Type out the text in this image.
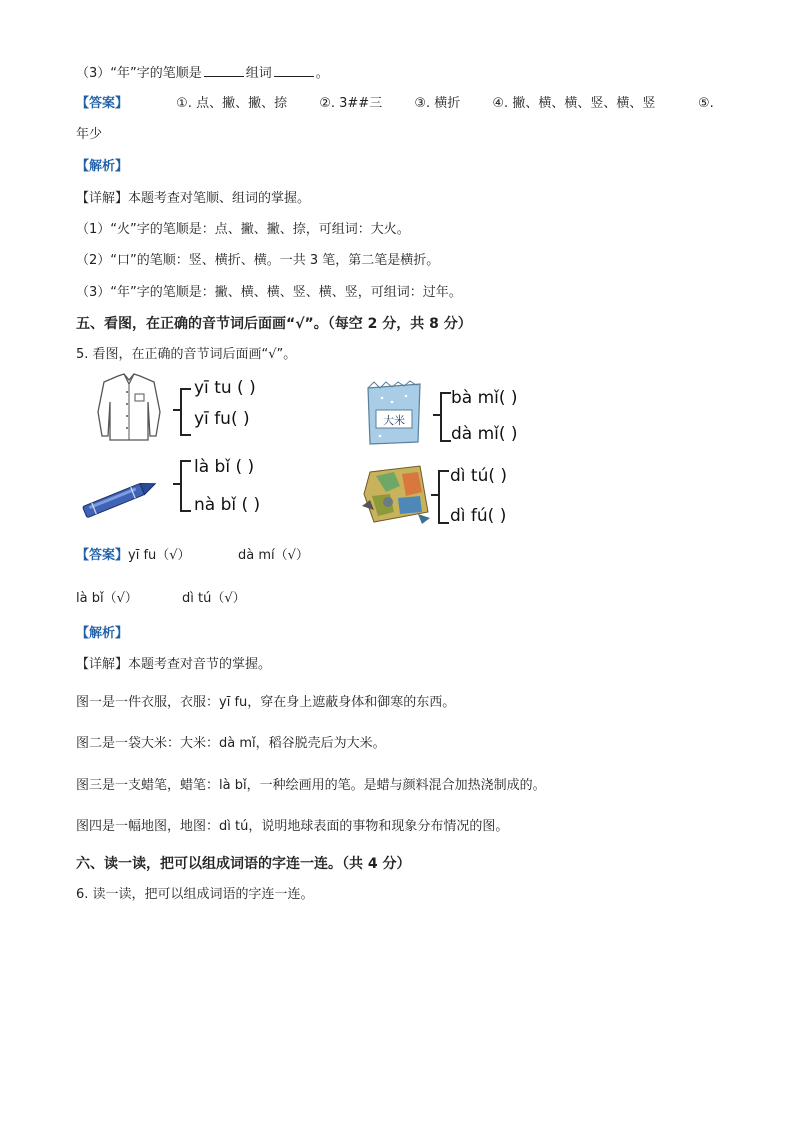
（3）“年”字的笔顺是	组词	。
【答案】	①. 点、撇、撇、捺 ②. 3##三 ③. 横折 ④. 撇、横、横、竖、横、竖	⑤.
年少
【解析】
【详解】本题考查对笔顺、组词的掌握。
（1）“火”字的笔顺是：点、撇、撇、捺，可组词：大火。
（2）“口”的笔顺：竖、横折、横。一共 3 笔，第二笔是横折。
（3）“年”字的笔顺是：撇、横、横、竖、横、竖，可组词：过年。
五、看图，在正确的音节词后面画“√”。（每空 2 分，共 8 分）
5. 看图，在正确的音节词后面画“√”。
yī tu ( )
yī fu( )	大米
bà mǐ( )
dà mǐ( )
là bǐ ( )
nà bǐ ( )
dì tú( )
dì fú( )
【答案】yī fu（√）	dà mí（√）
là bǐ（√）	dì tú（√）
【解析】
【详解】本题考查对音节的掌握。
图一是一件衣服，衣服：yī fu，穿在身上遮蔽身体和御寒的东西。
图二是一袋大米：大米：dà mǐ，稻谷脱壳后为大米。
图三是一支蜡笔，蜡笔：là bǐ，一种绘画用的笔。是蜡与颜料混合加热浇制成的。
图四是一幅地图，地图：dì tú，说明地球表面的事物和现象分布情况的图。
六、读一读，把可以组成词语的字连一连。（共 4 分）
6. 读一读，把可以组成词语的字连一连。
